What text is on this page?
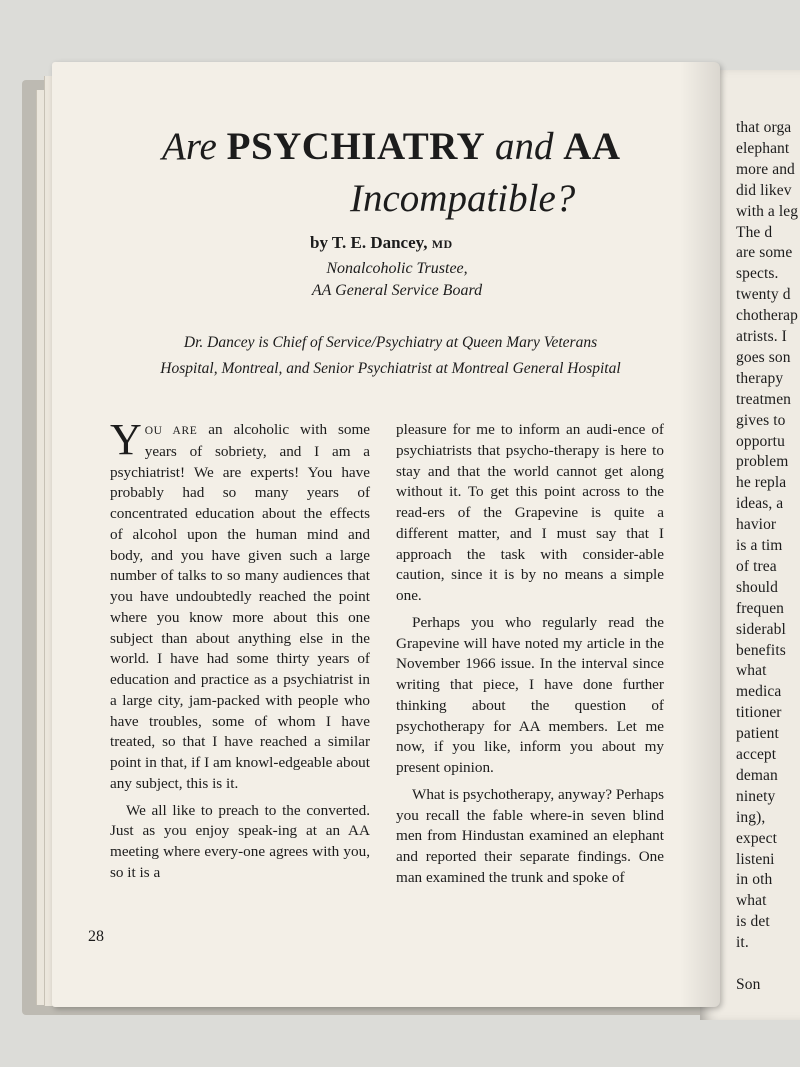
that orga
elephant
more and
did likev
with a leg
The d
are some
spects.
twenty d
chotherap
atrists. I
goes son
therapy
treatmen
gives to
opportu
problem
he repla
ideas, a
havior
is a tim
of trea
should
frequen
siderabl
benefits
what
medica
titioner
patient
accept
deman
ninety
ing),
expect
listeni
in oth
what
is det
it.
Son
Are PSYCHIATRY and AA
Incompatible?
by T. E. Dancey, MD
Nonalcoholic Trustee,
AA General Service Board
Dr. Dancey is Chief of Service/Psychiatry at Queen Mary Veterans
Hospital, Montreal, and Senior Psychiatrist at Montreal General Hospital

YOU ARE an alcoholic with some years of sobriety, and I am a psychiatrist! We are experts! You have probably had so many years of concentrated education about the effects of alcohol upon the human mind and body, and you have given such a large number of talks to so many audiences that you have undoubtedly reached the point where you know more about this one subject than about anything else in the world. I have had some thirty years of education and practice as a psychiatrist in a large city, jam-packed with people who have troubles, some of whom I have treated, so that I have reached a similar point in that, if I am knowl-edgeable about any subject, this is it.

We all like to preach to the converted. Just as you enjoy speak-ing at an AA meeting where every-one agrees with you, so it is a

pleasure for me to inform an audi-ence of psychiatrists that psycho-therapy is here to stay and that the world cannot get along without it. To get this point across to the read-ers of the Grapevine is quite a different matter, and I must say that I approach the task with consider-able caution, since it is by no means a simple one.

Perhaps you who regularly read the Grapevine will have noted my article in the November 1966 issue. In the interval since writing that piece, I have done further thinking about the question of psychotherapy for AA members. Let me now, if you like, inform you about my present opinion.

What is psychotherapy, anyway? Perhaps you recall the fable where-in seven blind men from Hindustan examined an elephant and reported their separate findings. One man examined the trunk and spoke of

28
